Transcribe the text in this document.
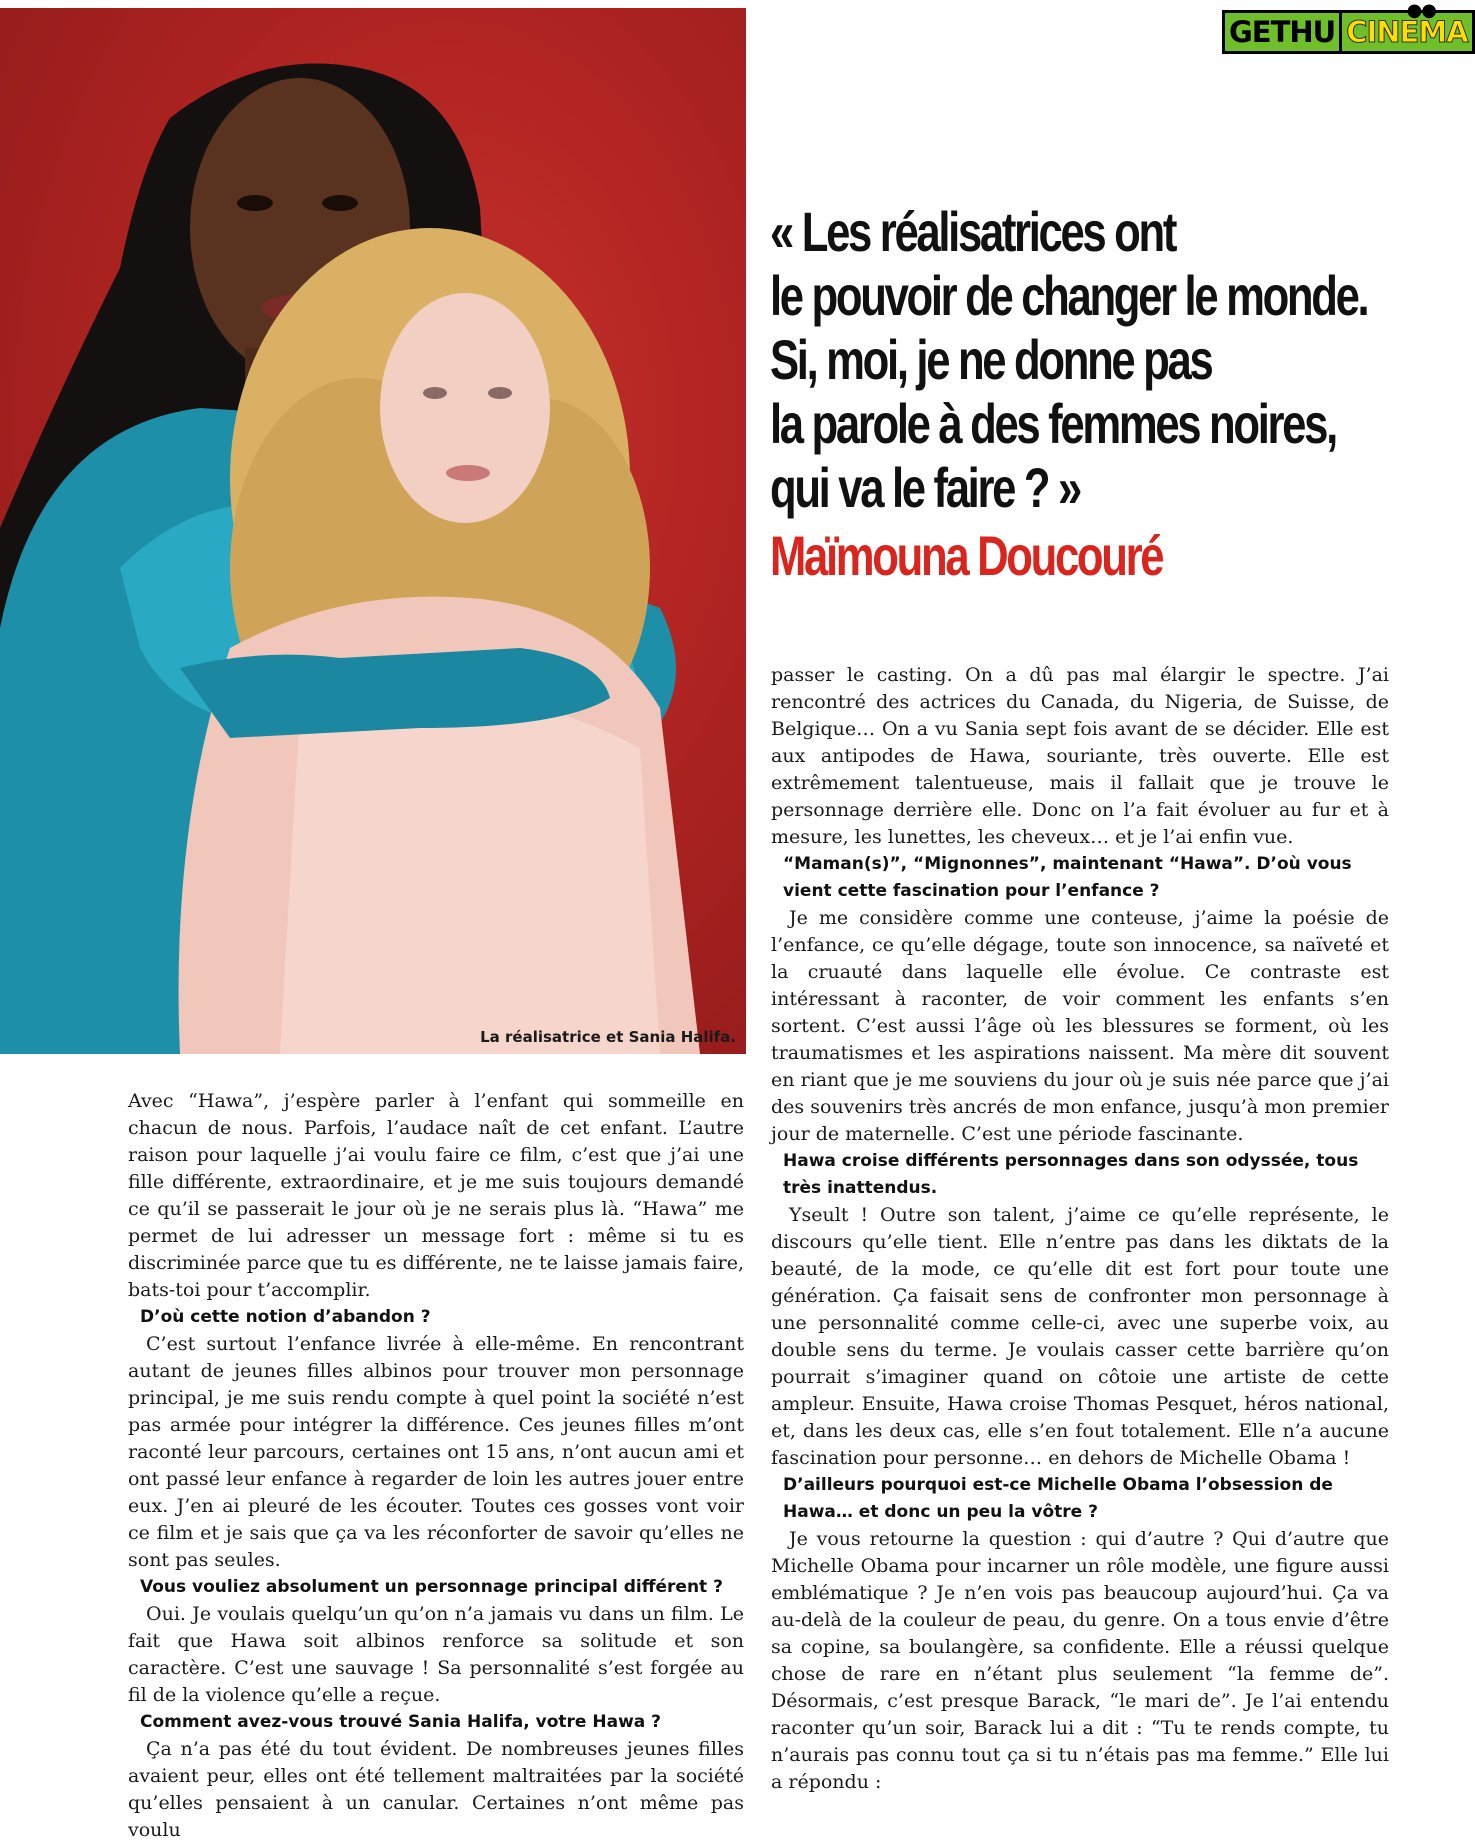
La réalisatrice et Sania Halifa.
GETHU CINEMA
●●
« Les réalisatrices ont
le pouvoir de changer le monde.
Si, moi, je ne donne pas
la parole à des femmes noires,
qui va le faire ? »
Maïmouna Doucouré

Avec “Hawa”, j’espère parler à l’enfant qui sommeille en chacun de nous. Parfois, l’audace naît de cet enfant. L’autre raison pour laquelle j’ai voulu faire ce film, c’est que j’ai une fille différente, extraordinaire, et je me suis toujours demandé ce qu’il se passerait le jour où je ne serais plus là. “Hawa” me permet de lui adresser un message fort : même si tu es discriminée parce que tu es différente, ne te laisse jamais faire, bats-toi pour t’accomplir.

D’où cette notion d’abandon ?

C’est surtout l’enfance livrée à elle-même. En rencontrant autant de jeunes filles albinos pour trouver mon personnage principal, je me suis rendu compte à quel point la société n’est pas armée pour intégrer la différence. Ces jeunes filles m’ont raconté leur parcours, certaines ont 15 ans, n’ont aucun ami et ont passé leur enfance à regarder de loin les autres jouer entre eux. J’en ai pleuré de les écouter. Toutes ces gosses vont voir ce film et je sais que ça va les réconforter de savoir qu’elles ne sont pas seules.

Vous vouliez absolument un personnage principal différent ?

Oui. Je voulais quelqu’un qu’on n’a jamais vu dans un film. Le fait que Hawa soit albinos renforce sa solitude et son caractère. C’est une sauvage ! Sa personnalité s’est forgée au fil de la violence qu’elle a reçue.

Comment avez-vous trouvé Sania Halifa, votre Hawa ?

Ça n’a pas été du tout évident. De nombreuses jeunes filles avaient peur, elles ont été tellement maltraitées par la société qu’elles pensaient à un canular. Certaines n’ont même pas voulu

passer le casting. On a dû pas mal élargir le spectre. J’ai rencontré des actrices du Canada, du Nigeria, de Suisse, de Belgique… On a vu Sania sept fois avant de se décider. Elle est aux antipodes de Hawa, souriante, très ouverte. Elle est extrêmement talentueuse, mais il fallait que je trouve le personnage derrière elle. Donc on l’a fait évoluer au fur et à mesure, les lunettes, les cheveux… et je l’ai enfin vue.

“Maman(s)”, “Mignonnes”, maintenant “Hawa”. D’où vous vient cette fascination pour l’enfance ?

Je me considère comme une conteuse, j’aime la poésie de l’enfance, ce qu’elle dégage, toute son innocence, sa naïveté et la cruauté dans laquelle elle évolue. Ce contraste est intéressant à raconter, de voir comment les enfants s’en sortent. C’est aussi l’âge où les blessures se forment, où les traumatismes et les aspirations naissent. Ma mère dit souvent en riant que je me souviens du jour où je suis née parce que j’ai des souvenirs très ancrés de mon enfance, jusqu’à mon premier jour de maternelle. C’est une période fascinante.

Hawa croise différents personnages dans son odyssée, tous très inattendus.

Yseult ! Outre son talent, j’aime ce qu’elle représente, le discours qu’elle tient. Elle n’entre pas dans les diktats de la beauté, de la mode, ce qu’elle dit est fort pour toute une génération. Ça faisait sens de confronter mon personnage à une personnalité comme celle-ci, avec une superbe voix, au double sens du terme. Je voulais casser cette barrière qu’on pourrait s’imaginer quand on côtoie une artiste de cette ampleur. Ensuite, Hawa croise Thomas Pesquet, héros national, et, dans les deux cas, elle s’en fout totalement. Elle n’a aucune fascination pour personne… en dehors de Michelle Obama !

D’ailleurs pourquoi est-ce Michelle Obama l’obsession de Hawa… et donc un peu la vôtre ?

Je vous retourne la question : qui d’autre ? Qui d’autre que Michelle Obama pour incarner un rôle modèle, une figure aussi emblématique ? Je n’en vois pas beaucoup aujourd’hui. Ça va au-delà de la couleur de peau, du genre. On a tous envie d’être sa copine, sa boulangère, sa confidente. Elle a réussi quelque chose de rare en n’étant plus seulement “la femme de”. Désormais, c’est presque Barack, “le mari de”. Je l’ai entendu raconter qu’un soir, Barack lui a dit : “Tu te rends compte, tu n’aurais pas connu tout ça si tu n’étais pas ma femme.” Elle lui a répondu :
